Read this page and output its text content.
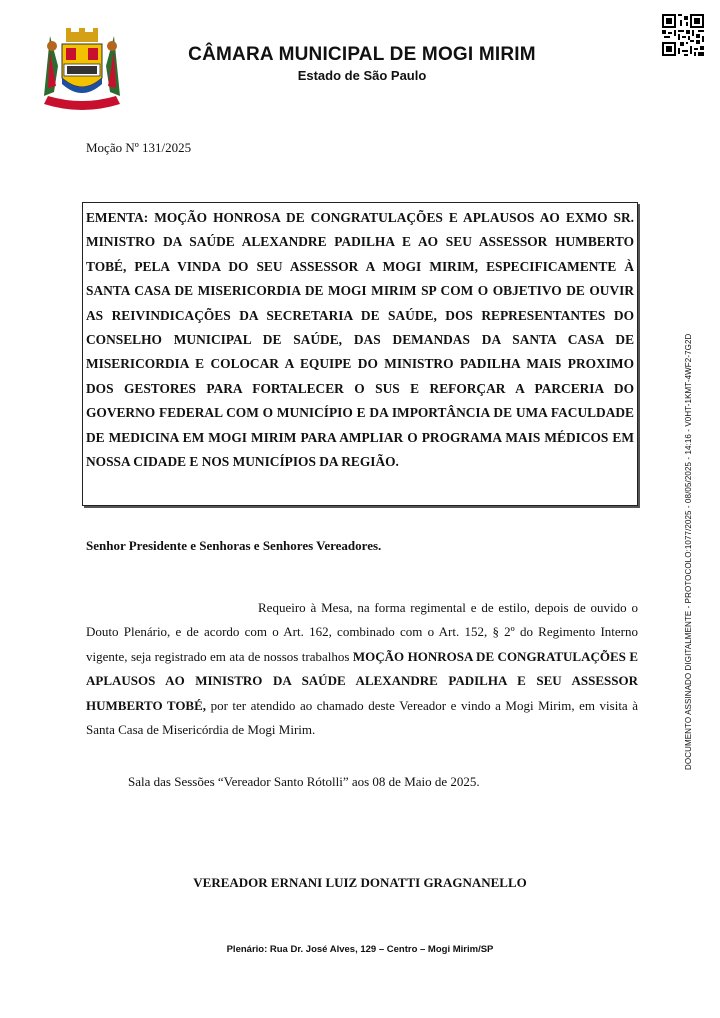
CÂMARA MUNICIPAL DE MOGI MIRIM
Estado de São Paulo
Moção Nº 131/2025

EMENTA: MOÇÃO HONROSA DE CONGRATULAÇÕES E APLAUSOS AO EXMO SR. MINISTRO DA SAÚDE ALEXANDRE PADILHA E AO SEU ASSESSOR HUMBERTO TOBÉ, PELA VINDA DO SEU ASSESSOR A MOGI MIRIM, ESPECIFICAMENTE À SANTA CASA DE MISERICORDIA DE MOGI MIRIM SP COM O OBJETIVO DE OUVIR AS REIVINDICAÇÕES DA SECRETARIA DE SAÚDE, DOS REPRESENTANTES DO CONSELHO MUNICIPAL DE SAÚDE, DAS DEMANDAS DA SANTA CASA DE MISERICORDIA E COLOCAR A EQUIPE DO MINISTRO PADILHA MAIS PROXIMO DOS GESTORES PARA FORTALECER O SUS E REFORÇAR A PARCERIA DO GOVERNO FEDERAL COM O MUNICÍPIO E DA IMPORTÂNCIA DE UMA FACULDADE DE MEDICINA EM MOGI MIRIM PARA AMPLIAR O PROGRAMA MAIS MÉDICOS EM NOSSA CIDADE E NOS MUNICÍPIOS DA REGIÃO.

Senhor Presidente e Senhoras e Senhores Vereadores.

Requeiro à Mesa, na forma regimental e de estilo, depois de ouvido o Douto Plenário, e de acordo com o Art. 162, combinado com o Art. 152, § 2º do Regimento Interno vigente, seja registrado em ata de nossos trabalhos MOÇÃO HONROSA DE CONGRATULAÇÕES E APLAUSOS AO MINISTRO DA SAÚDE ALEXANDRE PADILHA E SEU ASSESSOR HUMBERTO TOBÉ, por ter atendido ao chamado deste Vereador e vindo a Mogi Mirim, em visita à Santa Casa de Misericórdia de Mogi Mirim.

Sala das Sessões “Vereador Santo Rótolli” aos 08 de Maio de 2025.
VEREADOR ERNANI LUIZ DONATTI GRAGNANELLO
Plenário: Rua Dr. José Alves, 129 – Centro – Mogi Mirim/SP
DOCUMENTO ASSINADO DIGITALMENTE - PROTOCOLO:1077/2025 - 08/05/2025 - 14:16 - V0HT-1KMT-4WF2-7G2D
